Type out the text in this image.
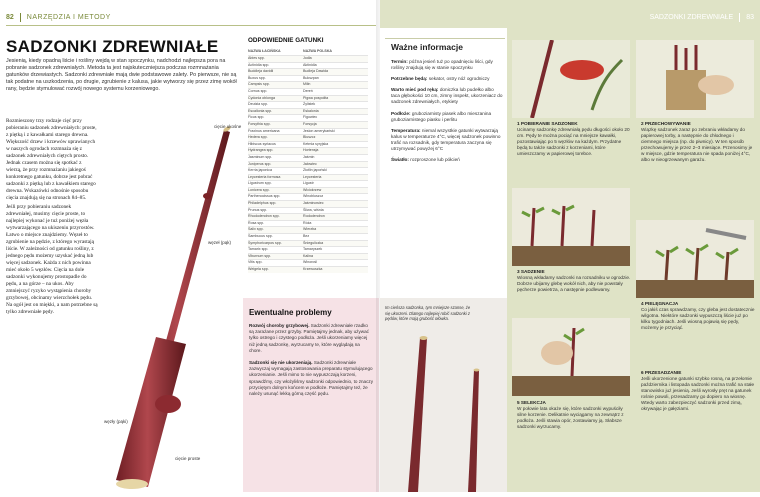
82 NARZĘDZIA I METODY
SADZONKI ZDREWNIAŁE
Jesienią, kiedy opadną liście i rośliny wejdą w stan spoczynku, nadchodzi najlepsza pora na pobranie sadzonek zdrewniałych. Metoda ta jest najskuteczniejsza podczas rozmnażania gatunków drzewiastych. Sadzonki zdrewniałe mają dwie podstawowe zalety. Po pierwsze, nie są tak podatne na uszkodzenia, po drugie, zgrubienie z kalusa, jakie wytworzy się przez zimę wokół rany, będzie stymulować rozwój nowego systemu korzeniowego.

Rozmieszony trzy rodzaje cięć przy pobieraniu sadzonek zdrewniałych: proste, z piętką i z kawałkami starego drewna. Większość drzew i krzewów uprawianych w naszych ogrodach rozmnaża się z sadzonek zdrewniałych ciętych prosto. Jednak czasem można się spotkać z wierzą, że przy rozmnażaniu jakiegoś konkretnego gatunku, dobrze jest pobrać sadzonki z piętką lub z kawałkiem starego drewna. Wskazówki odnośnie sposobu cięcia znajdują się na stronach 84–85.

Jeśli przy pobieraniu sadzonek zdrewniałej, musimy cięcie proste, to najlepiej wykonać je tuż poniżej węzła wytwarzającego na ukiszeniu przyrostów. Łatwo o miejsce znajdziemy. Węzeł to zgrubienie na pędzie, z którego wyrastają liście. W zależności od gatunku rośliny, z jednego pędu możemy uzyskać jedną lub więcej sadzonek. Każda z nich powinna mieć około 5 węzłów. Cięcia na dole sadzonki wykonujemy prostopadle do pędu, a na górze – na ukos. Aby zmniejszyć ryzyko wystąpienia choroby grzybowej, obcinamy wierzchołek pędu. Na ogół jest on miękki, a nam potrzebne są tylko zdrewniałe pędy.

cięcie ukośne
węzeł (pąk)
węzły (pąki)
cięcie proste
ODPOWIEDNIE GATUNKI
NAZWA ŁACIŃSKA	NAZWA POLSKA
Abies spp.	Jodła
Actinidia spp.	Aktinidia
Buddleja davidii	Budleja Dawida
Buxus spp.	Bukszpan
Campsis spp.	Milin
Cornus spp.	Dereń
Cydonia oblonga	Pigwa pospolita
Deutzia spp.	Żylistek
Escallonia spp.	Eskalonia
Ficus spp.	Figowiec
Forsythia spp.	Forsycja
Fraxinus americana	Jesion amerykański
Hedera spp.	Bluszcz
Hibiscus syriacus	Ketmia syryjska
Hydrangea spp.	Hortensja
Jasminum spp.	Jaśmin
Juniperus spp.	Jałowiec
Kerria japonica	Złotlin japoński
Leycesteria formosa	Leycesteria
Ligustrum spp.	Ligustr
Lonicera spp.	Wiciokrzew
Parthenocissus spp.	Winobluszcz
Philadelphus spp.	Jaśminowiec
Prunus spp.	Śliwa, wiśnia
Rhododendron spp.	Rododendron
Rosa spp.	Róża
Salix spp.	Wierzba
Sambucus spp.	Bez
Symphoricarpos spp.	Śnieguliczka
Tamarix spp.	Tamaryszek
Viburnum spp.	Kalina
Vitis spp.	Winorośl
Weigela spp.	Krzewuszka
Ewentualne problemy

Rozwój choroby grzybowej. Sadzonki zdrewniałe rzadko są zarażane przez grzyby. Pamiętajmy jednak, aby używać tylko ostrego i czystego podłoża. Jeśli ukorzeniamy więcej niż jedną sadzonkę, wyrzucamy te, które wyglądają na chore.

Sadzonki się nie ukorzeniają. Sadzonki zdrewniałe zazwyczaj wymagają zastosowania preparatu stymulującego ukorzenianie. Jeśli mimo to nie wypuszczają korzeni, sprawdźmy, czy włożyliśmy sadzonki odpowiednio, to znaczy przyciętym dolnym końcem w podłoże. Pamiętajmy też, że należy usunąć lekką górną część pędu.

SADZONKI ZDREWNIAŁE 83
Ważne informacje

Termin: późna jesień tuż po opadnięciu liści, gdy rośliny znajdują się w stanie spoczynku

Potrzebne będą: sekator, ostry nóż ogrodniczy

Warto mieć pod ręką: doniczka lub pudełko albo taca głębokości 10 cm, zimny inspekt, ukorzeniacz do sadzonek zdrewniałych, etykiety

Podłoże: gruboziarnisty piasek albo mieszanina gruboziarnistego piasku i perlitu

Temperatura: niemal wszystkie gatunki wytwarzają kalus w temperaturze 4°C, więcej sadzonek powinno trafić na rozsadnik, gdy temperatura zaczyna się utrzymywać powyżej 6°C

Światło: rozproszone lub półcień

Im cieńsza sadzonka, tym mniejsze szanse, że się ukorzeni. Dlatego najlepiej robić sadzonki z pędów, które mają grubość ołówka.
1 POBIERANIE SADZONEK
Ucinamy sadzonkę zdrewniałą pędu długości około 20 cm. Pędy te można pociąć na mniejsze kawałki, pozostawiając po 5 węzłów na każdym. Przydatne będą tu także sadzonki z korzeniami, które umieszczamy w papierowej torebce.
2 PRZECHOWYWANIE
Wiązkę sadzonek zaraz po zebraniu wkładamy do papierowej torby, a następnie do chłodnego i ciemnego miejsca (np. do piwnicy). W ten sposób przechowujemy je przez 2–3 miesiące. Przenosimy je w miejsce, gdzie temperatura nie spada poniżej 4°C, albo w nieogrzewanym garażu.
3 SADZENIE
Wiosną wkładamy sadzonki na rozsadniku w ogrodzie. Dobrze ubijamy glebę wokół nich, aby nie powstały pęcherze powietrza, a następnie podlewamy.
4 PIELĘGNACJA
Co jakiś czas sprawdzamy, czy gleba jest dostatecznie wilgotna. Niektóre sadzonki wypuszczą liście już po kilku tygodniach. Jeśli wiosną pojawią się pędy, możemy je przyciąć.
5 SELEKCJA
W połowie lata okaże się, które sadzonki wypuściły silne korzenie. Delikatnie wyciągamy na zewnątrz z podłoża. Jeśli stawia opór, zostawiamy ją. Słabsze sadzonki wyrzucamy.
6 PRZESADZANIE
Jeśli ukorzenione gatunki szybko rosną, na przełomie października i listopada sadzonki można trafić na stałe stanowisko już jesienią. Jeśli wyrosły pręt na gatunek rośnie powoli, przesadzamy go dopiero na wiosnę. Wtedy warto zabezpieczyć sadzonki przed zimą, okrywając je gałęziami.
